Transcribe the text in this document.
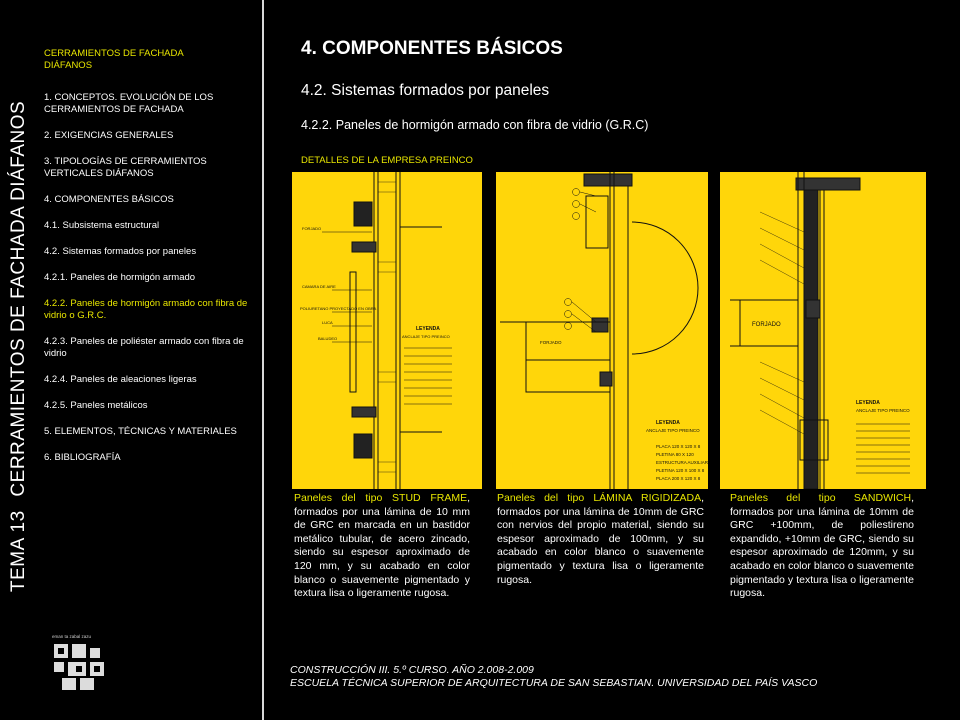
CERRAMIENTOS DE FACHADA DIÁFANOS
1. CONCEPTOS. EVOLUCIÓN DE LOS CERRAMIENTOS DE FACHADA
2. EXIGENCIAS GENERALES
3. TIPOLOGÍAS DE CERRAMIENTOS VERTICALES DIÁFANOS
4. COMPONENTES BÁSICOS
4.1. Subsistema estructural
4.2. Sistemas formados por paneles
4.2.1. Paneles de hormigón armado
4.2.2. Paneles de hormigón armado con fibra de vidrio o G.R.C.
4.2.3. Paneles de poliéster armado con fibra de vidrio
4.2.4. Paneles de aleaciones ligeras
4.2.5. Paneles metálicos
5. ELEMENTOS, TÉCNICAS Y MATERIALES
6. BIBLIOGRAFÍA
TEMA 13 CERRAMIENTOS DE FACHADA DIÁFANOS
eman ta zabal zazu
4. COMPONENTES BÁSICOS
4.2. Sistemas formados por paneles
4.2.2. Paneles de hormigón armado con fibra de vidrio (G.R.C)
DETALLES DE LA EMPRESA PREINCO
FORJADO
CAMARA DE AIRE
POLIURETANO PROYECTADO EN OBRA
LUCA
BALUDEO
LEYENDA
ANCLAJE TIPO PREINCO
FORJADO
LEYENDA
ANCLAJE TIPO PREINCO
PLACA 120 X 120 X 8
PLETINA 80 X 120
ESTRUCTURA AUXILIAR
PLETINA 120 X 100 X 8
PLACA 200 X 120 X 8
FORJADO
LEYENDA
ANCLAJE TIPO PREINCO
Paneles del tipo STUD FRAME, formados por una lámina de 10 mm de GRC en marcada en un bastidor metálico tubular, de acero zincado, siendo su espesor aproximado de 120 mm, y su acabado en color blanco o suavemente pigmentado y textura lisa o ligeramente rugosa.
Paneles del tipo LÁMINA RIGIDIZADA, formados por una lámina de 10mm de GRC con nervios del propio material, siendo su espesor aproximado de 100mm, y su acabado en color blanco o suavemente pigmentado y textura lisa o ligeramente rugosa.
Paneles del tipo SANDWICH, formados por una lámina de 10mm de GRC +100mm, de poliestireno expandido, +10mm de GRC, siendo su espesor aproximado de 120mm, y su acabado en color blanco o suavemente pigmentado y textura lisa o ligeramente rugosa.
CONSTRUCCIÓN III. 5.º CURSO. AÑO 2.008-2.009
ESCUELA TÉCNICA SUPERIOR DE ARQUITECTURA DE SAN SEBASTIAN. UNIVERSIDAD DEL PAÍS VASCO
